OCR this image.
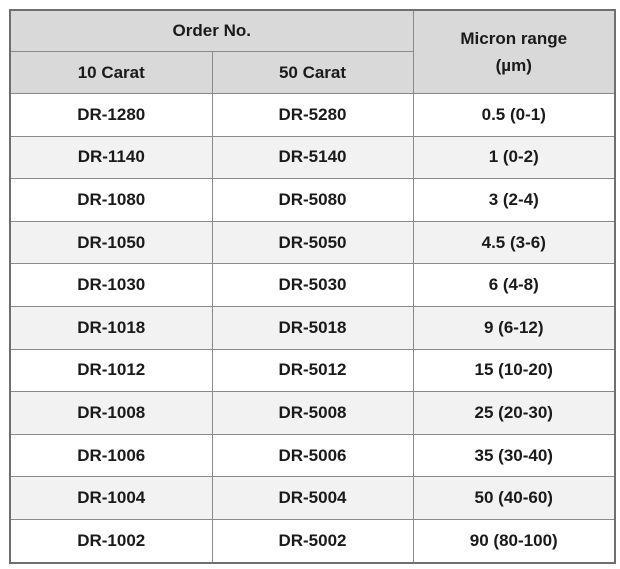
Order No.		Micron range
(µm)

10 Carat	50 Carat	
DR-1280	DR-5280	0.5 (0-1)
DR-1140	DR-5140	1 (0-2)
DR-1080	DR-5080	3 (2-4)
DR-1050	DR-5050	4.5 (3-6)
DR-1030	DR-5030	6 (4-8)
DR-1018	DR-5018	9 (6-12)
DR-1012	DR-5012	15 (10-20)
DR-1008	DR-5008	25 (20-30)
DR-1006	DR-5006	35 (30-40)
DR-1004	DR-5004	50 (40-60)
DR-1002	DR-5002	90 (80-100)
